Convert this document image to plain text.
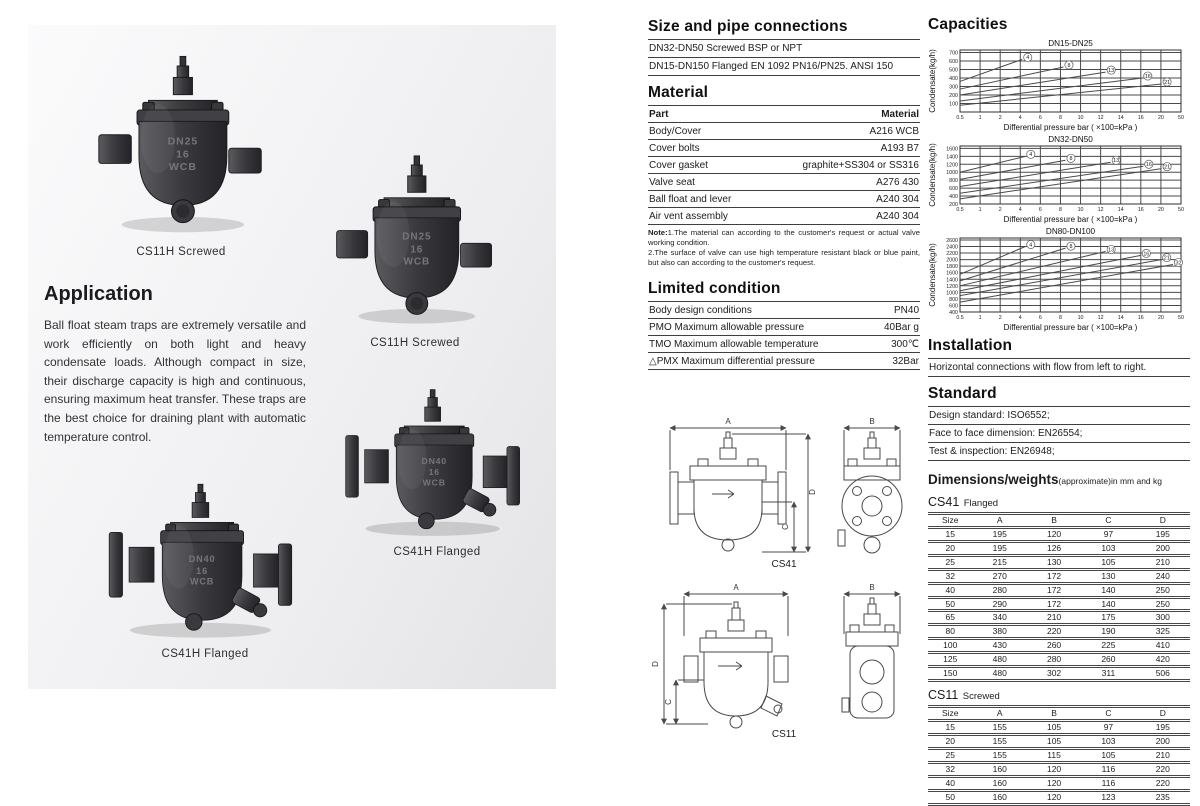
DN25
16
WCB
CS11H Screwed
DN25
16
WCB
CS11H Screwed
DN40
16
WCB
CS41H Flanged
DN40
16
WCB
CS41H Flanged
Application
Ball float steam traps are extremely versatile and work efficiently on both light and heavy condensate loads. Although compact in size, their discharge capacity is high and continuous, ensuring maximum heat transfer. These traps are the best choice for draining plant with automatic temperature control.
Size and pipe connections
DN32-DN50 Screwed BSP or NPT
DN15-DN150 Flanged EN 1092 PN16/PN25. ANSI 150
Material
Part	Material
Body/Cover	A216 WCB
Cover bolts	A193 B7
Cover gasket	graphite+SS304 or SS316
Valve seat	A276 430
Ball float and lever	A240 304
Air vent assembly	A240 304
Note:1.The material can according to the customer's request or actual valve working condition.
2.The surface of valve can use high temperature resistant black or blue paint, but also can according to the customer's request.
Limited condition
Body design conditions	PN40
PMO Maximum allowable pressure	40Bar g
TMO Maximum allowable temperature	300℃
△PMX Maximum differential pressure	32Bar
A
D
C
B
CS41
A
D
C
B
CS11
Capacities
0.5	1	2	4	6	8	10	12	14	16	20	50
100
200
300
400
500
600
700
4
8
13
16
21
DN15-DN25
Condensate(kg/h)
Differential pressure bar ( ×100=kPa )
0.5	1	2	4	6	8	10	12	14	16	20	50
200
400
600
800
1000
1200
1400
1600
4
8	13
16 21
DN32-DN50
Condensate(kg/h)
Differential pressure bar ( ×100=kPa )
0.5	1	2	4	6	8	10	12	14	16	20	50
400
600
800
1000
1200
1400
1600
1800
2000
2200
2400
2600
4	8
13
16
21
32
DN80-DN100
Condensate(kg/h)
Differential pressure bar ( ×100=kPa )
Installation
Horizontal connections with flow from left to right.
Standard
Design standard: ISO6552;
Face to face dimension: EN26554;
Test & inspection: EN26948;
Dimensions/weights(approximate)in mm and kg
CS41 Flanged
Size	A	B	C	D
15	195	120	97	195
20	195	126	103	200
25	215	130	105	210
32	270	172	130	240
40	280	172	140	250
50	290	172	140	250
65	340	210	175	300
80	380	220	190	325
100	430	260	225	410
125	480	280	260	420
150	480	302	311	506
CS11 Screwed
Size	A	B	C	D
15	155	105	97	195
20	155	105	103	200
25	155	115	105	210
32	160	120	116	220
40	160	120	116	220
50	160	120	123	235
